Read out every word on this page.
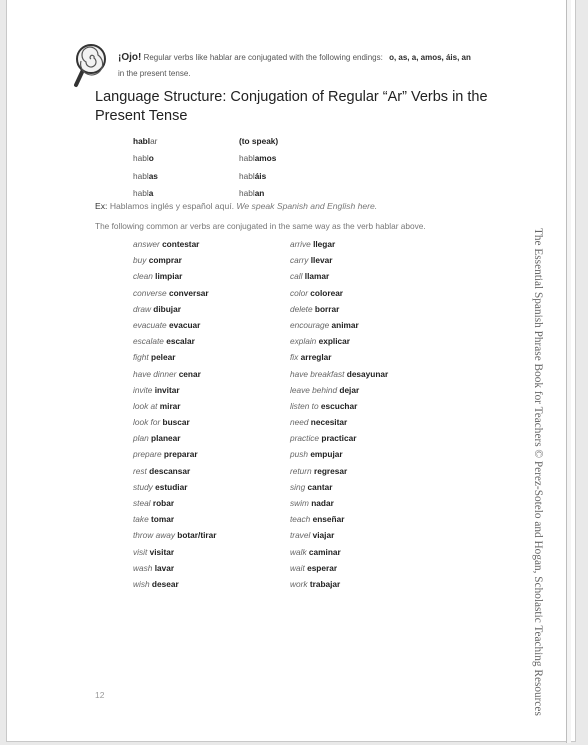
¡Ojo! Regular verbs like hablar are conjugated with the following endings: o, as, a, amos, áis, an
in the present tense.
Language Structure: Conjugation of Regular “Ar” Verbs in the Present Tense
hablar	(to speak)
hablo	hablamos
hablas	habláis
habla	hablan
Ex: Hablamos inglés y español aquí. We speak Spanish and English here.
The following common ar verbs are conjugated in the same way as the verb hablar above.
answer contestar	arrive llegar
buy comprar	carry llevar
clean limpiar	call llamar
converse conversar	color colorear
draw dibujar	delete borrar
evacuate evacuar	encourage animar
escalate escalar	explain explicar
fight pelear	fix arreglar
have dinner cenar	have breakfast desayunar
invite invitar	leave behind dejar
look at mirar	listen to escuchar
look for buscar	need necesitar
plan planear	practice practicar
prepare preparar	push empujar
rest descansar	return regresar
study estudiar	sing cantar
steal robar	swim nadar
take tomar	teach enseñar
throw away botar/tirar	travel viajar
visit visitar	walk caminar
wash lavar	wait esperar
wish desear	work trabajar	The Essential Spanish Phrase Book for Teachers © Perez-Sotelo and Hogan, Scholastic Teaching Resources
12
